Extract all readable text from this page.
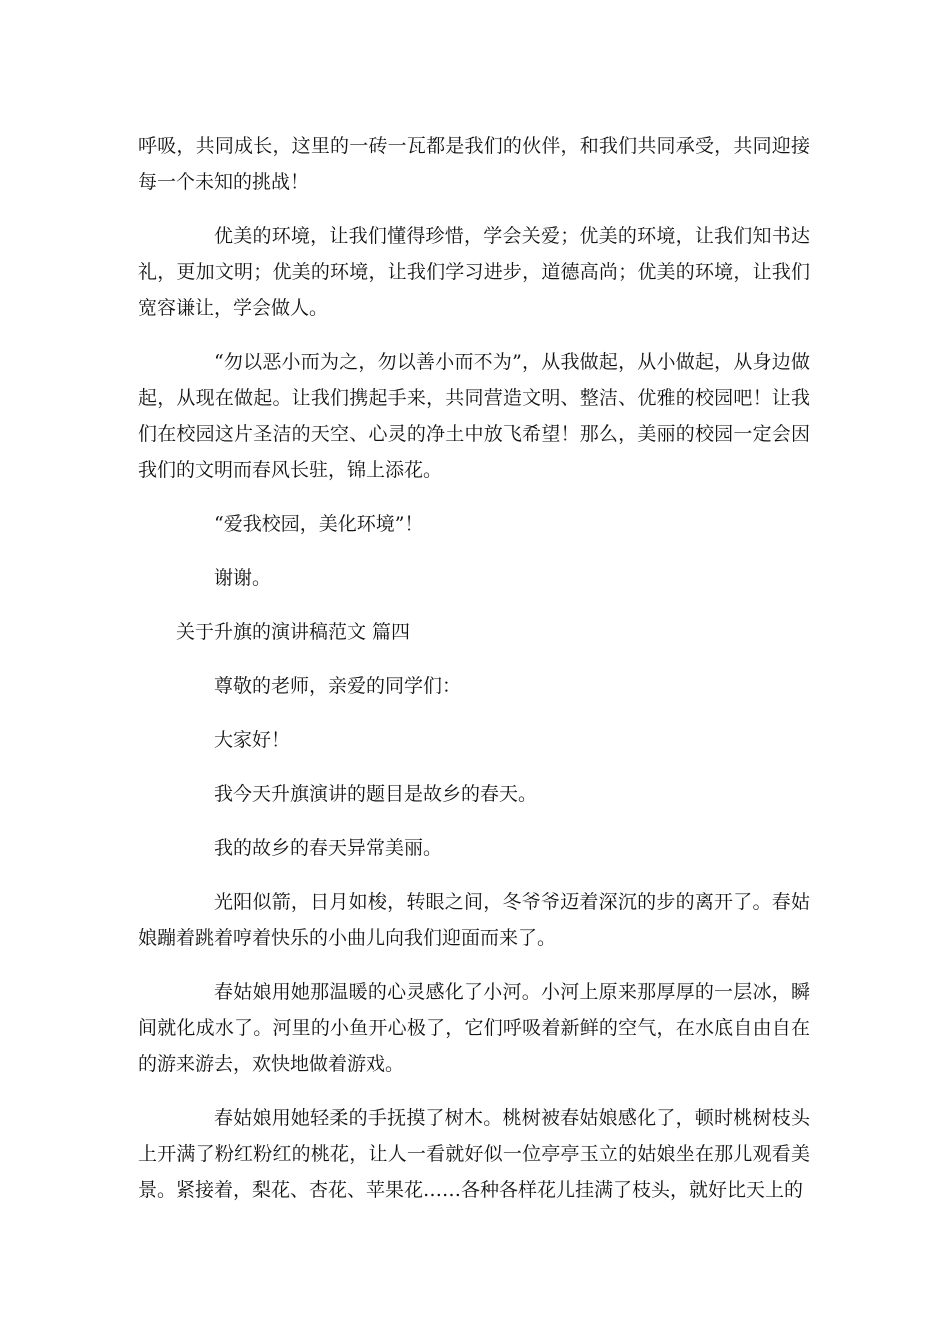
呼吸，共同成长，这里的一砖一瓦都是我们的伙伴，和我们共同承受，共同迎接每一个未知的挑战！

优美的环境，让我们懂得珍惜，学会关爱；优美的环境，让我们知书达礼，更加文明；优美的环境，让我们学习进步，道德高尚；优美的环境，让我们宽容谦让，学会做人。

“勿以恶小而为之，勿以善小而不为”，从我做起，从小做起，从身边做起，从现在做起。让我们携起手来，共同营造文明、整洁、优雅的校园吧！让我们在校园这片圣洁的天空、心灵的净土中放飞希望！那么，美丽的校园一定会因我们的文明而春风长驻，锦上添花。

“爱我校园，美化环境”！

谢谢。

关于升旗的演讲稿范文 篇四

尊敬的老师，亲爱的同学们：

大家好！

我今天升旗演讲的题目是故乡的春天。

我的故乡的春天异常美丽。

光阳似箭，日月如梭，转眼之间，冬爷爷迈着深沉的步的离开了。春姑娘蹦着跳着哼着快乐的小曲儿向我们迎面而来了。

春姑娘用她那温暖的心灵感化了小河。小河上原来那厚厚的一层冰，瞬间就化成水了。河里的小鱼开心极了，它们呼吸着新鲜的空气，在水底自由自在的游来游去，欢快地做着游戏。

春姑娘用她轻柔的手抚摸了树木。桃树被春姑娘感化了，顿时桃树枝头上开满了粉红粉红的桃花，让人一看就好似一位亭亭玉立的姑娘坐在那儿观看美景。紧接着，梨花、杏花、苹果花……各种各样花儿挂满了枝头，就好比天上的
